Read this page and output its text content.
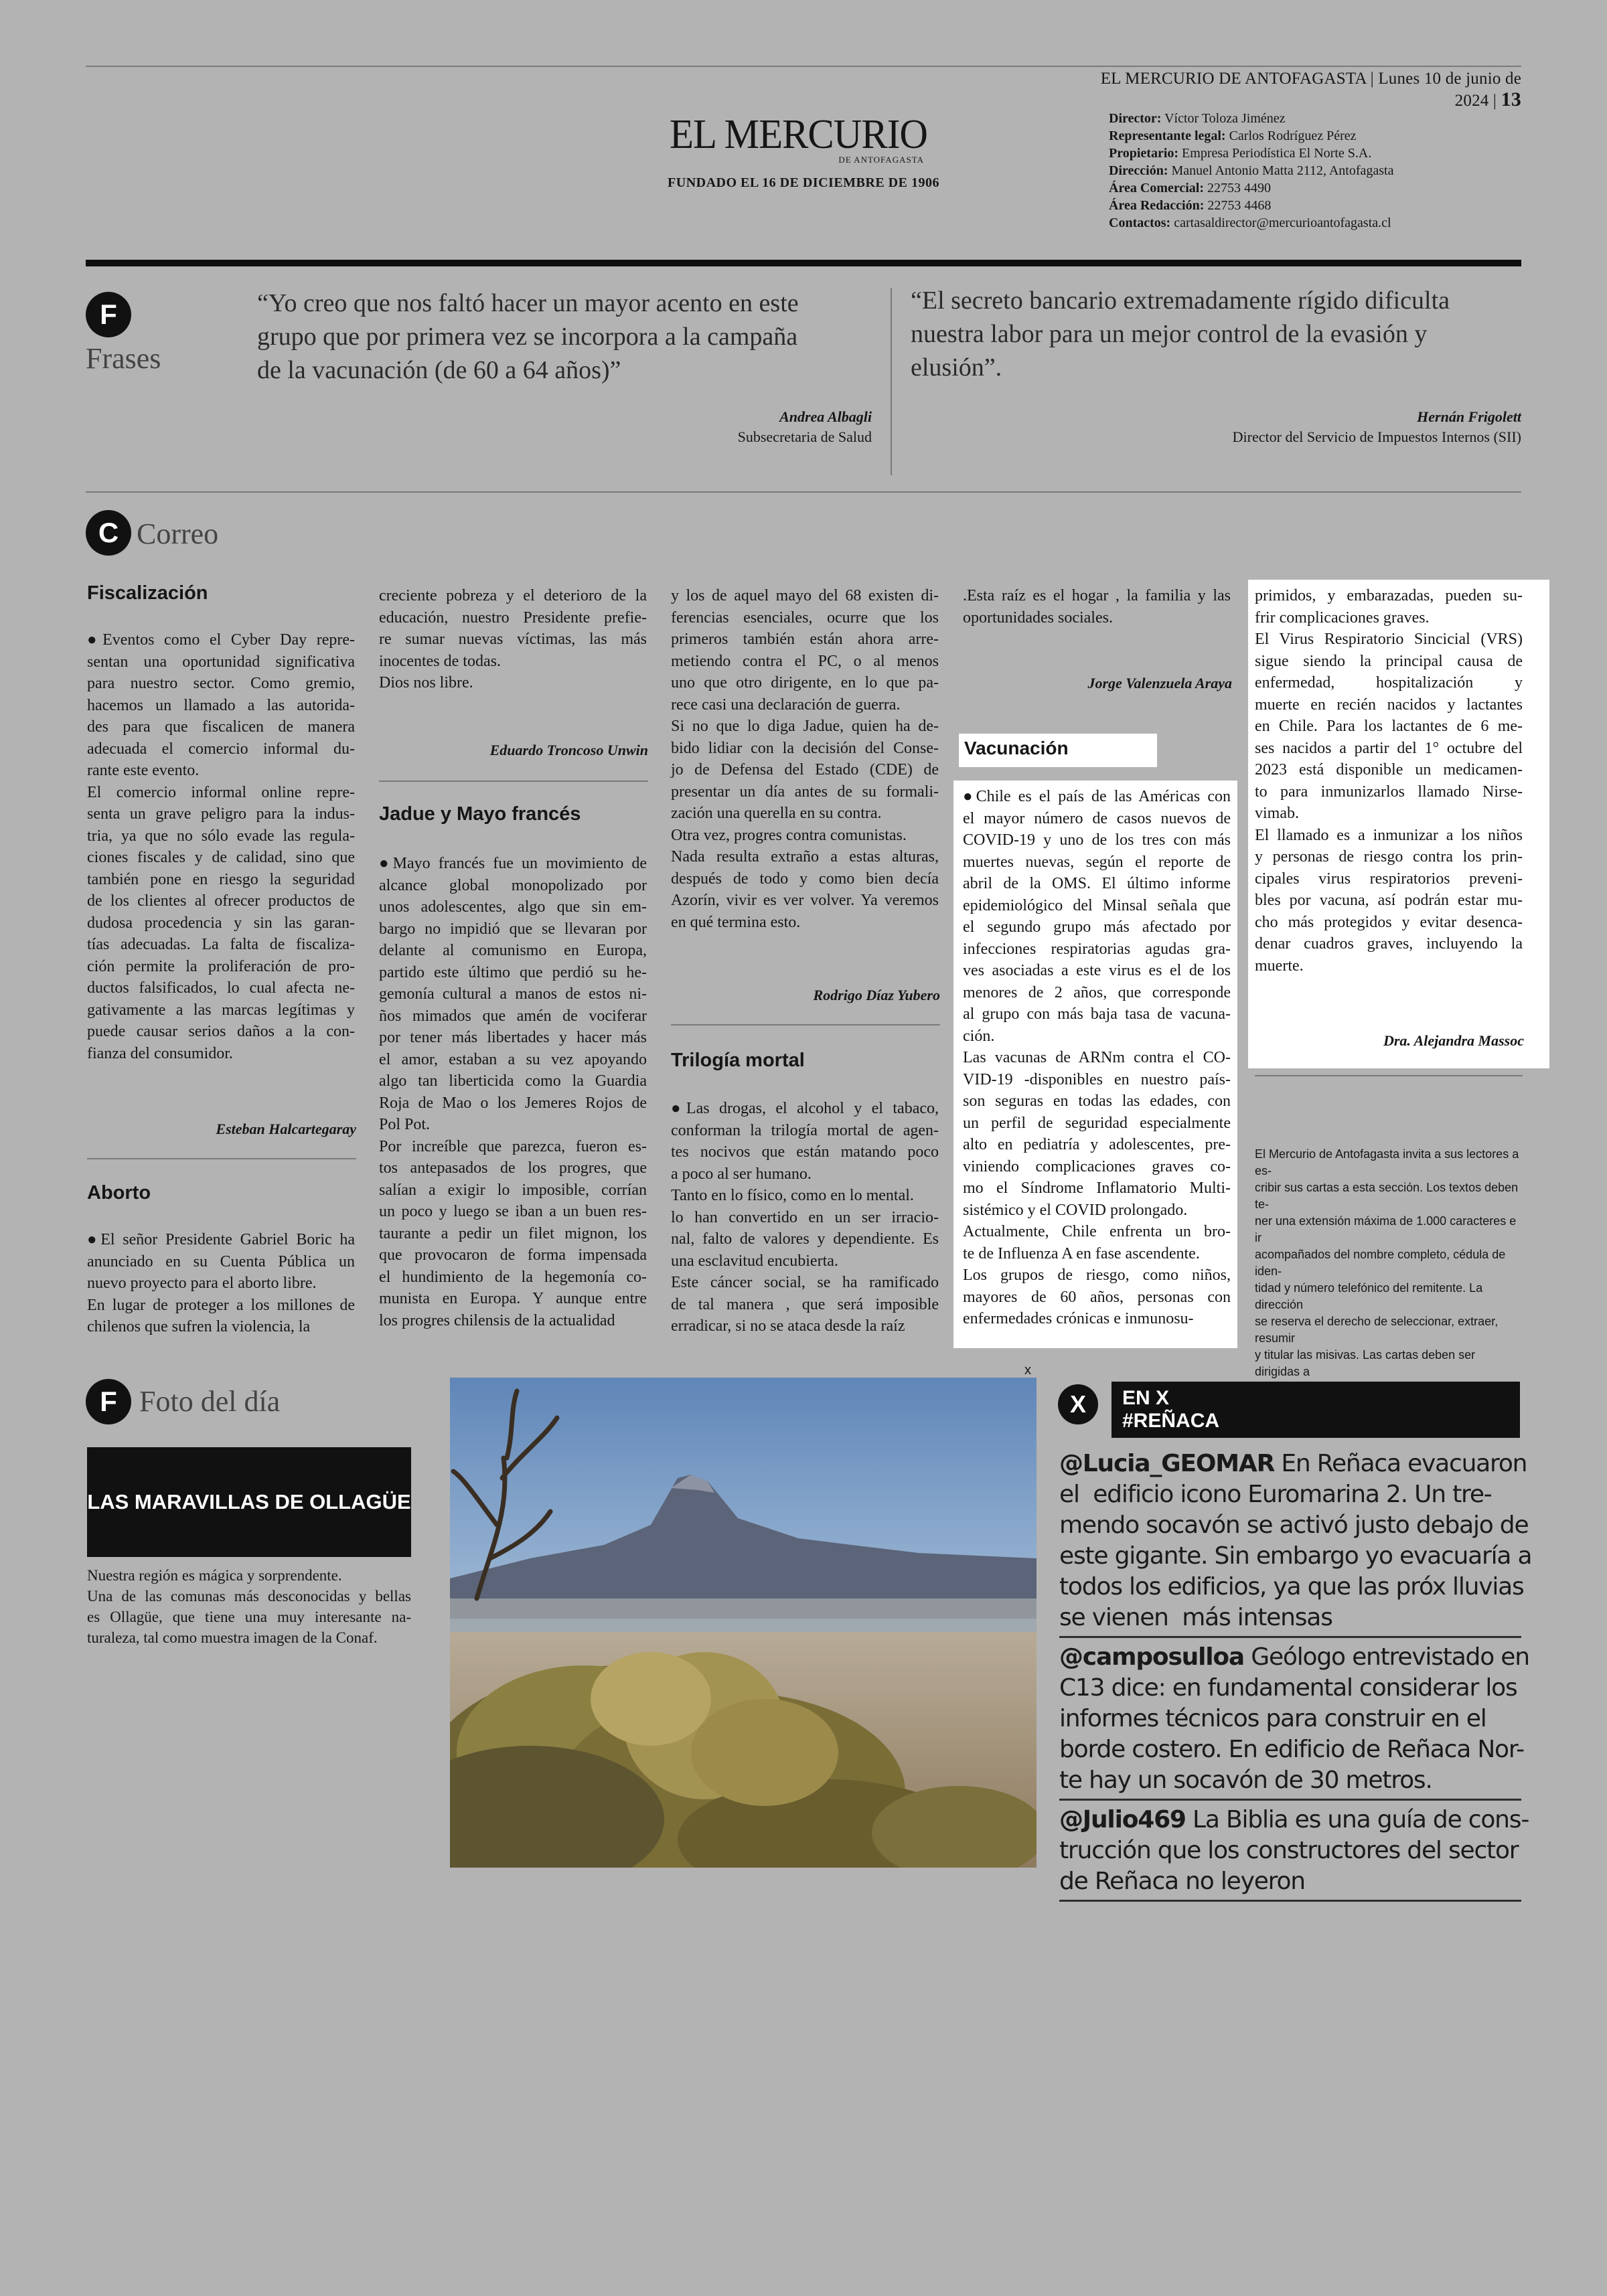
EL MERCURIO DE ANTOFAGASTA | Lunes 10 de junio de 2024 | 13
EL MERCURIO
DE ANTOFAGASTA
FUNDADO EL 16 DE DICIEMBRE DE 1906
Director: Víctor Toloza Jiménez
Representante legal: Carlos Rodríguez Pérez
Propietario: Empresa Periodística El Norte S.A.
Dirección: Manuel Antonio Matta 2112, Antofagasta
Área Comercial: 22753 4490
Área Redacción: 22753 4468
Contactos: cartasaldirector@mercurioantofagasta.cl
F
Frases
“Yo creo que nos faltó hacer un mayor acento en este
grupo que por primera vez se incorpora a la campaña
de la vacunación (de 60 a 64 años)”
Andrea Albagli
Subsecretaria de Salud
“El secreto bancario extremadamente rígido dificulta
nuestra labor para un mejor control de la evasión y
elusión”.
Hernán Frigolett
Director del Servicio de Impuestos Internos (SII)
C Correo
Fiscalización
●Eventos como el Cyber Day repre-
sentan una oportunidad significativa
para nuestro sector. Como gremio,
hacemos un llamado a las autorida-
des para que fiscalicen de manera
adecuada el comercio informal du-
rante este evento.
El comercio informal online repre-
senta un grave peligro para la indus-
tria, ya que no sólo evade las regula-
ciones fiscales y de calidad, sino que
también pone en riesgo la seguridad
de los clientes al ofrecer productos de
dudosa procedencia y sin las garan-
tías adecuadas. La falta de fiscaliza-
ción permite la proliferación de pro-
ductos falsificados, lo cual afecta ne-
gativamente a las marcas legítimas y
puede causar serios daños a la con-
fianza del consumidor.
Esteban Halcartegaray
Aborto
●El señor Presidente Gabriel Boric ha
anunciado en su Cuenta Pública un
nuevo proyecto para el aborto libre.
En lugar de proteger a los millones de
chilenos que sufren la violencia, la
creciente pobreza y el deterioro de la
educación, nuestro Presidente prefie-
re sumar nuevas víctimas, las más
inocentes de todas.
Dios nos libre.
Eduardo Troncoso Unwin
Jadue y Mayo francés
●Mayo francés fue un movimiento de
alcance global monopolizado por
unos adolescentes, algo que sin em-
bargo no impidió que se llevaran por
delante al comunismo en Europa,
partido este último que perdió su he-
gemonía cultural a manos de estos ni-
ños mimados que amén de vociferar
por tener más libertades y hacer más
el amor, estaban a su vez apoyando
algo tan liberticida como la Guardia
Roja de Mao o los Jemeres Rojos de
Pol Pot.
Por increíble que parezca, fueron es-
tos antepasados de los progres, que
salían a exigir lo imposible, corrían
un poco y luego se iban a un buen res-
taurante a pedir un filet mignon, los
que provocaron de forma impensada
el hundimiento de la hegemonía co-
munista en Europa. Y aunque entre
los progres chilensis de la actualidad
y los de aquel mayo del 68 existen di-
ferencias esenciales, ocurre que los
primeros también están ahora arre-
metiendo contra el PC, o al menos
uno que otro dirigente, en lo que pa-
rece casi una declaración de guerra.
Si no que lo diga Jadue, quien ha de-
bido lidiar con la decisión del Conse-
jo de Defensa del Estado (CDE) de
presentar un día antes de su formali-
zación una querella en su contra.
Otra vez, progres contra comunistas.
Nada resulta extraño a estas alturas,
después de todo y como bien decía
Azorín, vivir es ver volver. Ya veremos
en qué termina esto.
Rodrigo Díaz Yubero
Trilogía mortal
●Las drogas, el alcohol y el tabaco,
conforman la trilogía mortal de agen-
tes nocivos que están matando poco
a poco al ser humano.
Tanto en lo físico, como en lo mental.
lo han convertido en un ser irracio-
nal, falto de valores y dependiente. Es
una esclavitud encubierta.
Este cáncer social, se ha ramificado
de tal manera , que será imposible
erradicar, si no se ataca desde la raíz
.Esta raíz es el hogar , la familia y las
oportunidades sociales.
Jorge Valenzuela Araya
Vacunación
●Chile es el país de las Américas con
el mayor número de casos nuevos de
COVID-19 y uno de los tres con más
muertes nuevas, según el reporte de
abril de la OMS. El último informe
epidemiológico del Minsal señala que
el segundo grupo más afectado por
infecciones respiratorias agudas gra-
ves asociadas a este virus es el de los
menores de 2 años, que corresponde
al grupo con más baja tasa de vacuna-
ción.
Las vacunas de ARNm contra el CO-
VID-19 -disponibles en nuestro país-
son seguras en todas las edades, con
un perfil de seguridad especialmente
alto en pediatría y adolescentes, pre-
viniendo complicaciones graves co-
mo el Síndrome Inflamatorio Multi-
sistémico y el COVID prolongado.
Actualmente, Chile enfrenta un bro-
te de Influenza A en fase ascendente.
Los grupos de riesgo, como niños,
mayores de 60 años, personas con
enfermedades crónicas e inmunosu-
primidos, y embarazadas, pueden su-
frir complicaciones graves.
El Virus Respiratorio Sincicial (VRS)
sigue siendo la principal causa de
enfermedad, hospitalización y
muerte en recién nacidos y lactantes
en Chile. Para los lactantes de 6 me-
ses nacidos a partir del 1° octubre del
2023 está disponible un medicamen-
to para inmunizarlos llamado Nirse-
vimab.
El llamado es a inmunizar a los niños
y personas de riesgo contra los prin-
cipales virus respiratorios preveni-
bles por vacuna, así podrán estar mu-
cho más protegidos y evitar desenca-
denar cuadros graves, incluyendo la
muerte.
Dra. Alejandra Massoc
El Mercurio de Antofagasta invita a sus lectores a es-
cribir sus cartas a esta sección. Los textos deben te-
ner una extensión máxima de 1.000 caracteres e ir
acompañados del nombre completo, cédula de iden-
tidad y número telefónico del remitente. La dirección
se reserva el derecho de seleccionar, extraer, resumir
y titular las misivas. Las cartas deben ser dirigidas a
F Foto del día
LAS MARAVILLAS DE OLLAGÜE
Nuestra región es mágica y sorprendente.
Una de las comunas más desconocidas y bellas
es Ollagüe, que tiene una muy interesante na-
turaleza, tal como muestra imagen de la Conaf.
x
X	EN X
#REÑACA
@Lucia_GEOMAR En Reñaca evacuaron
el  edificio icono Euromarina 2. Un tre-
mendo socavón se activó justo debajo de
este gigante. Sin embargo yo evacuaría a
todos los edificios, ya que las próx lluvias
se vienen  más intensas
@camposulloa Geólogo entrevistado en
C13 dice: en fundamental considerar los
informes técnicos para construir en el
borde costero. En edificio de Reñaca Nor-
te hay un socavón de 30 metros.
@Julio469 La Biblia es una guía de cons-
trucción que los constructores del sector
de Reñaca no leyeron
